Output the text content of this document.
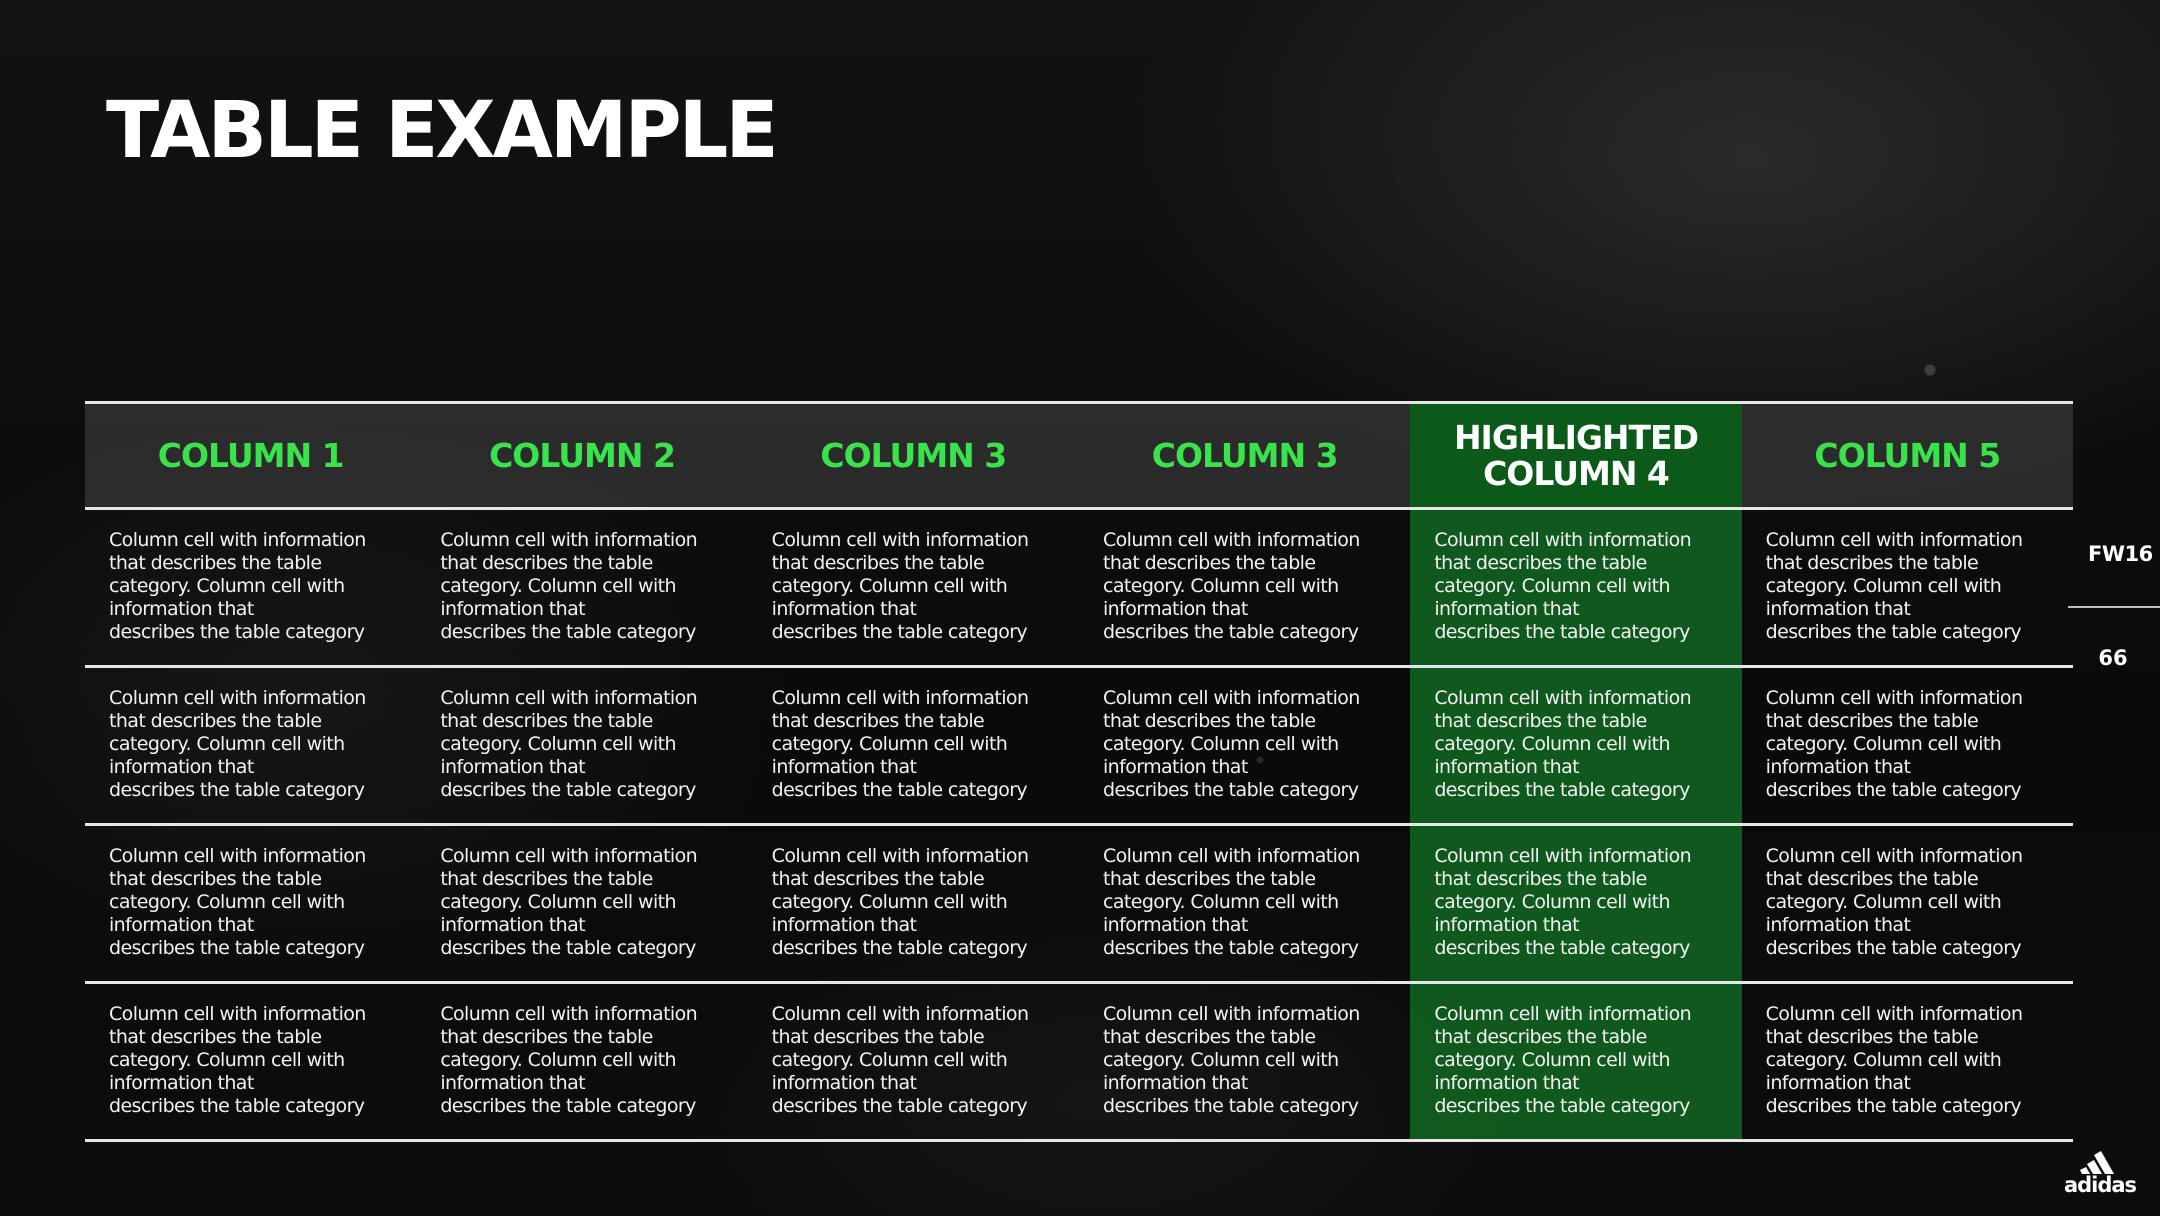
TABLE EXAMPLE
COLUMN 1	COLUMN 2	COLUMN 3	COLUMN 3	HIGHLIGHTED COLUMN 4	COLUMN 5
Column cell with information
that describes the table
category. Column cell with
information that
describes the table category	Column cell with information
that describes the table
category. Column cell with
information that
describes the table category	Column cell with information
that describes the table
category. Column cell with
information that
describes the table category	Column cell with information
that describes the table
category. Column cell with
information that
describes the table category	Column cell with information
that describes the table
category. Column cell with
information that
describes the table category	Column cell with information
that describes the table
category. Column cell with
information that
describes the table category
Column cell with information
that describes the table
category. Column cell with
information that
describes the table category	Column cell with information
that describes the table
category. Column cell with
information that
describes the table category	Column cell with information
that describes the table
category. Column cell with
information that
describes the table category	Column cell with information
that describes the table
category. Column cell with
information that
describes the table category	Column cell with information
that describes the table
category. Column cell with
information that
describes the table category	Column cell with information
that describes the table
category. Column cell with
information that
describes the table category
Column cell with information
that describes the table
category. Column cell with
information that
describes the table category	Column cell with information
that describes the table
category. Column cell with
information that
describes the table category	Column cell with information
that describes the table
category. Column cell with
information that
describes the table category	Column cell with information
that describes the table
category. Column cell with
information that
describes the table category	Column cell with information
that describes the table
category. Column cell with
information that
describes the table category	Column cell with information
that describes the table
category. Column cell with
information that
describes the table category
Column cell with information
that describes the table
category. Column cell with
information that
describes the table category	Column cell with information
that describes the table
category. Column cell with
information that
describes the table category	Column cell with information
that describes the table
category. Column cell with
information that
describes the table category	Column cell with information
that describes the table
category. Column cell with
information that
describes the table category	Column cell with information
that describes the table
category. Column cell with
information that
describes the table category	Column cell with information
that describes the table
category. Column cell with
information that
describes the table category
FW16
66
adidas
